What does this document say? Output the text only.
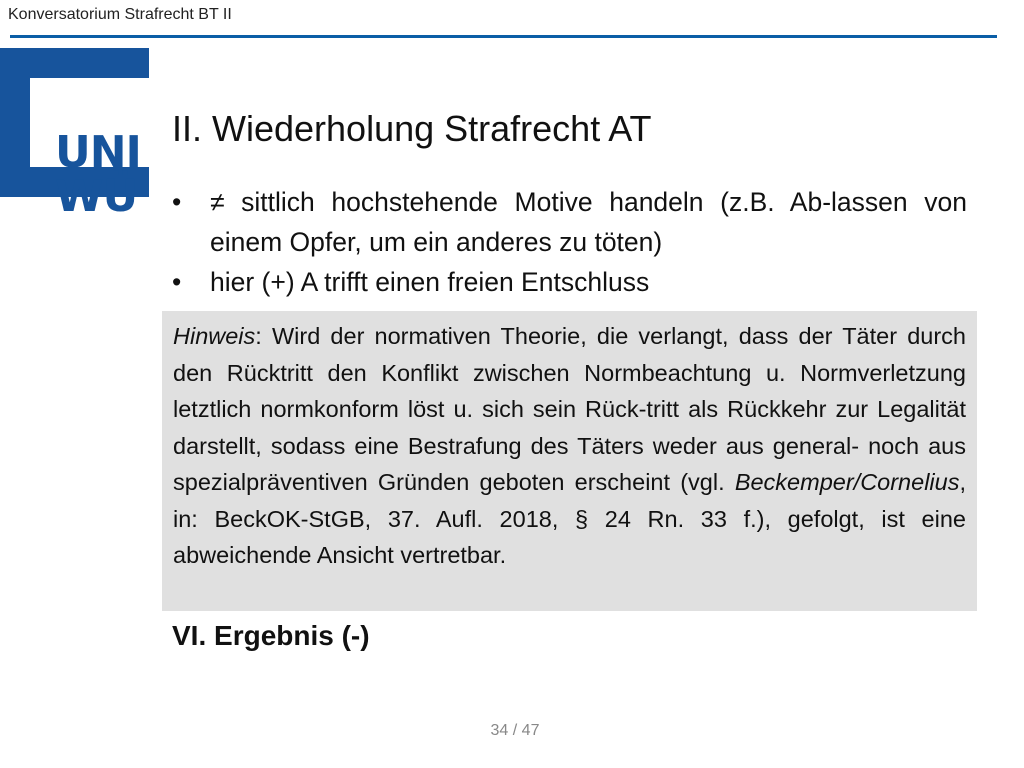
Konversatorium Strafrecht BT II
UNI
WÜ
II. Wiederholung Strafrecht AT
• ≠ sittlich hochstehende Motive handeln (z.B. Ab-lassen von einem Opfer, um ein anderes zu töten)
• hier (+) A trifft einen freien Entschluss

Hinweis: Wird der normativen Theorie, die verlangt, dass der Täter durch den Rücktritt den Konflikt zwischen Normbeachtung u. Normverletzung letztlich normkonform löst u. sich sein Rück-tritt als Rückkehr zur Legalität darstellt, sodass eine Bestrafung des Täters weder aus general- noch aus spezialpräventiven Gründen geboten erscheint (vgl. Beckemper/Cornelius, in: BeckOK-StGB, 37. Aufl. 2018, § 24 Rn. 33 f.), gefolgt, ist eine abweichende Ansicht vertretbar.

VI. Ergebnis (-)
34 / 47
